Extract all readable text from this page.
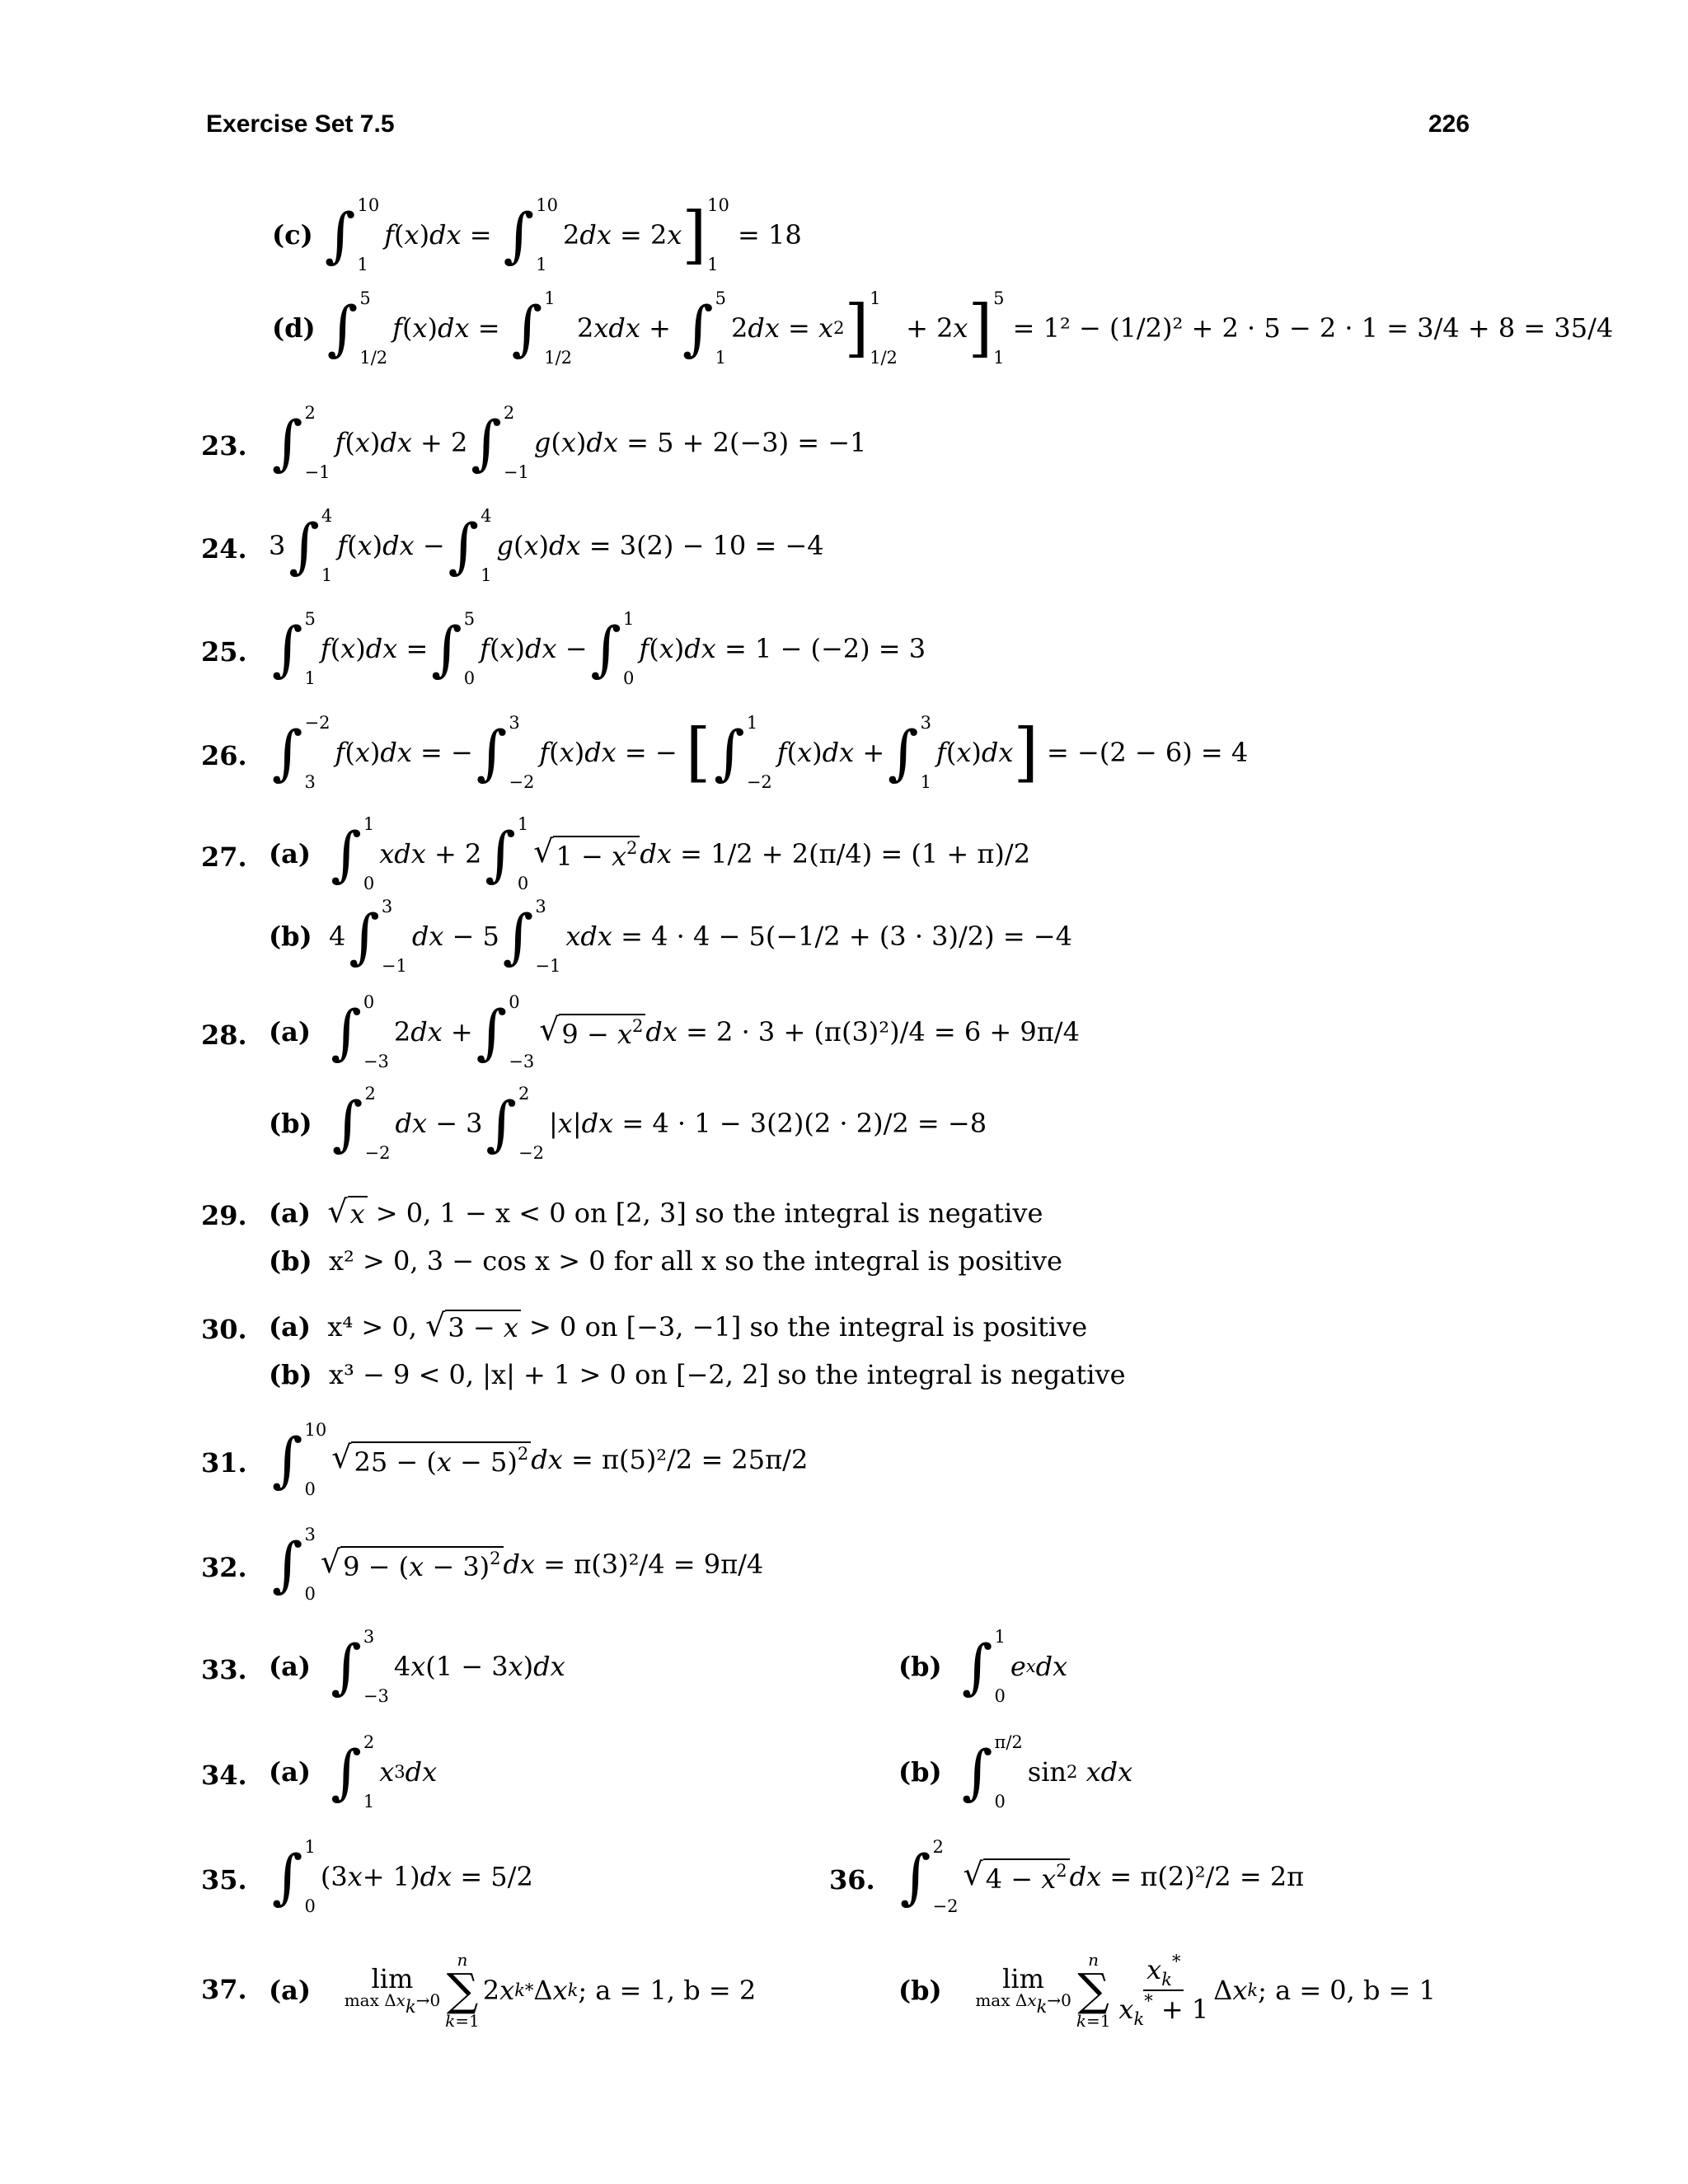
Exercise Set 7.5	226
(c)
∫ 10
1
f ( x ) dx = ∫ 10
1
2 dx = 2 x ] 10
1

= 18
(d)
∫ 5
1/2
f ( x ) dx = ∫ 1
1/2
2 xdx + ∫ 5
1
2 dx = x 2 ] 1
1/2
+ 2 x ] 5
1

= 1² − (1/2)² + 2 · 5 − 2 · 1 = 3/4 + 8 = 35/4
23. ∫ 2
−1
f ( x ) dx + 2 ∫ 2
−1
g ( x ) dx
= 5 + 2(−3) = −1
24. 3 ∫ 4
1
f ( x ) dx − ∫ 4
1
g ( x ) dx
= 3(2) − 10 = −4
25. ∫ 5
1
f ( x ) dx = ∫ 5
0
f ( x ) dx − ∫ 1
0
f ( x ) dx
= 1 − (−2) = 3
26. ∫ −2
3
f ( x ) dx = − ∫ 3
−2
f ( x ) dx = − [ ∫ 1
−2
f ( x ) dx + ∫ 3
1
f ( x ) dx ]
= −(2 − 6) = 4
27. (a)
∫ 1
0
xdx + 2 ∫ 1
0
√ $1 - x^2$ dx
= 1/2 + 2(π/4) = (1 + π)/2
(b) 4 ∫ 3
−1
dx − 5 ∫ 3
−1
xdx
= 4 · 4 − 5(−1/2 + (3 · 3)/2) = −4
28. (a)
∫ 0
−3
2 dx + ∫ 0
−3
√ $9 - x^2$ dx
= 2 · 3 + (π(3)²)/4 = 6 + 9π/4
(b)
∫ 2
−2
dx − 3 ∫ 2
−2
| x | dx
= 4 · 1 − 3(2)(2 · 2)/2 = −8
29. (a)
√ x
> 0, 1 − x < 0 on [2, 3] so the integral is negative
(b)
x² > 0, 3 − cos x > 0 for all x so the integral is positive
30. (a)
x⁴ > 0,
√ 3 − x
> 0 on [−3, −1] so the integral is positive
(b)
x³ − 9 < 0, |x| + 1 > 0 on [−2, 2] so the integral is negative
31. ∫ 10
0
√ $25 - (x - 5)^2$ dx
= π(5)²/2 = 25π/2
32. ∫ 3
0
√ $9 - (x - 3)^2$ dx
= π(3)²/4 = 9π/4
33. (a)
∫ 3
−3
4 x (1 − 3 x ) dx	(b)
∫ 1
0
e x dx
34. (a)
∫ 2
1
x 3 dx	(b)
∫ π/2
0
sin 2
xdx
35. ∫ 1
0
(3 x + 1) dx
= 5/2	36. ∫ 2
−2
√ $4 - x^2$ dx
= π(2)²/2 = 2π
37. (a)
lim
max Δxk→0
n
∑
k=1
2 x k * Δ x k ; a = 1, b = 2	(b)
lim
max Δxk→0
n
∑
$k=1 \frac{x_k^*}{x_k^* + 1}$ Δ x k ; a = 0, b = 1
